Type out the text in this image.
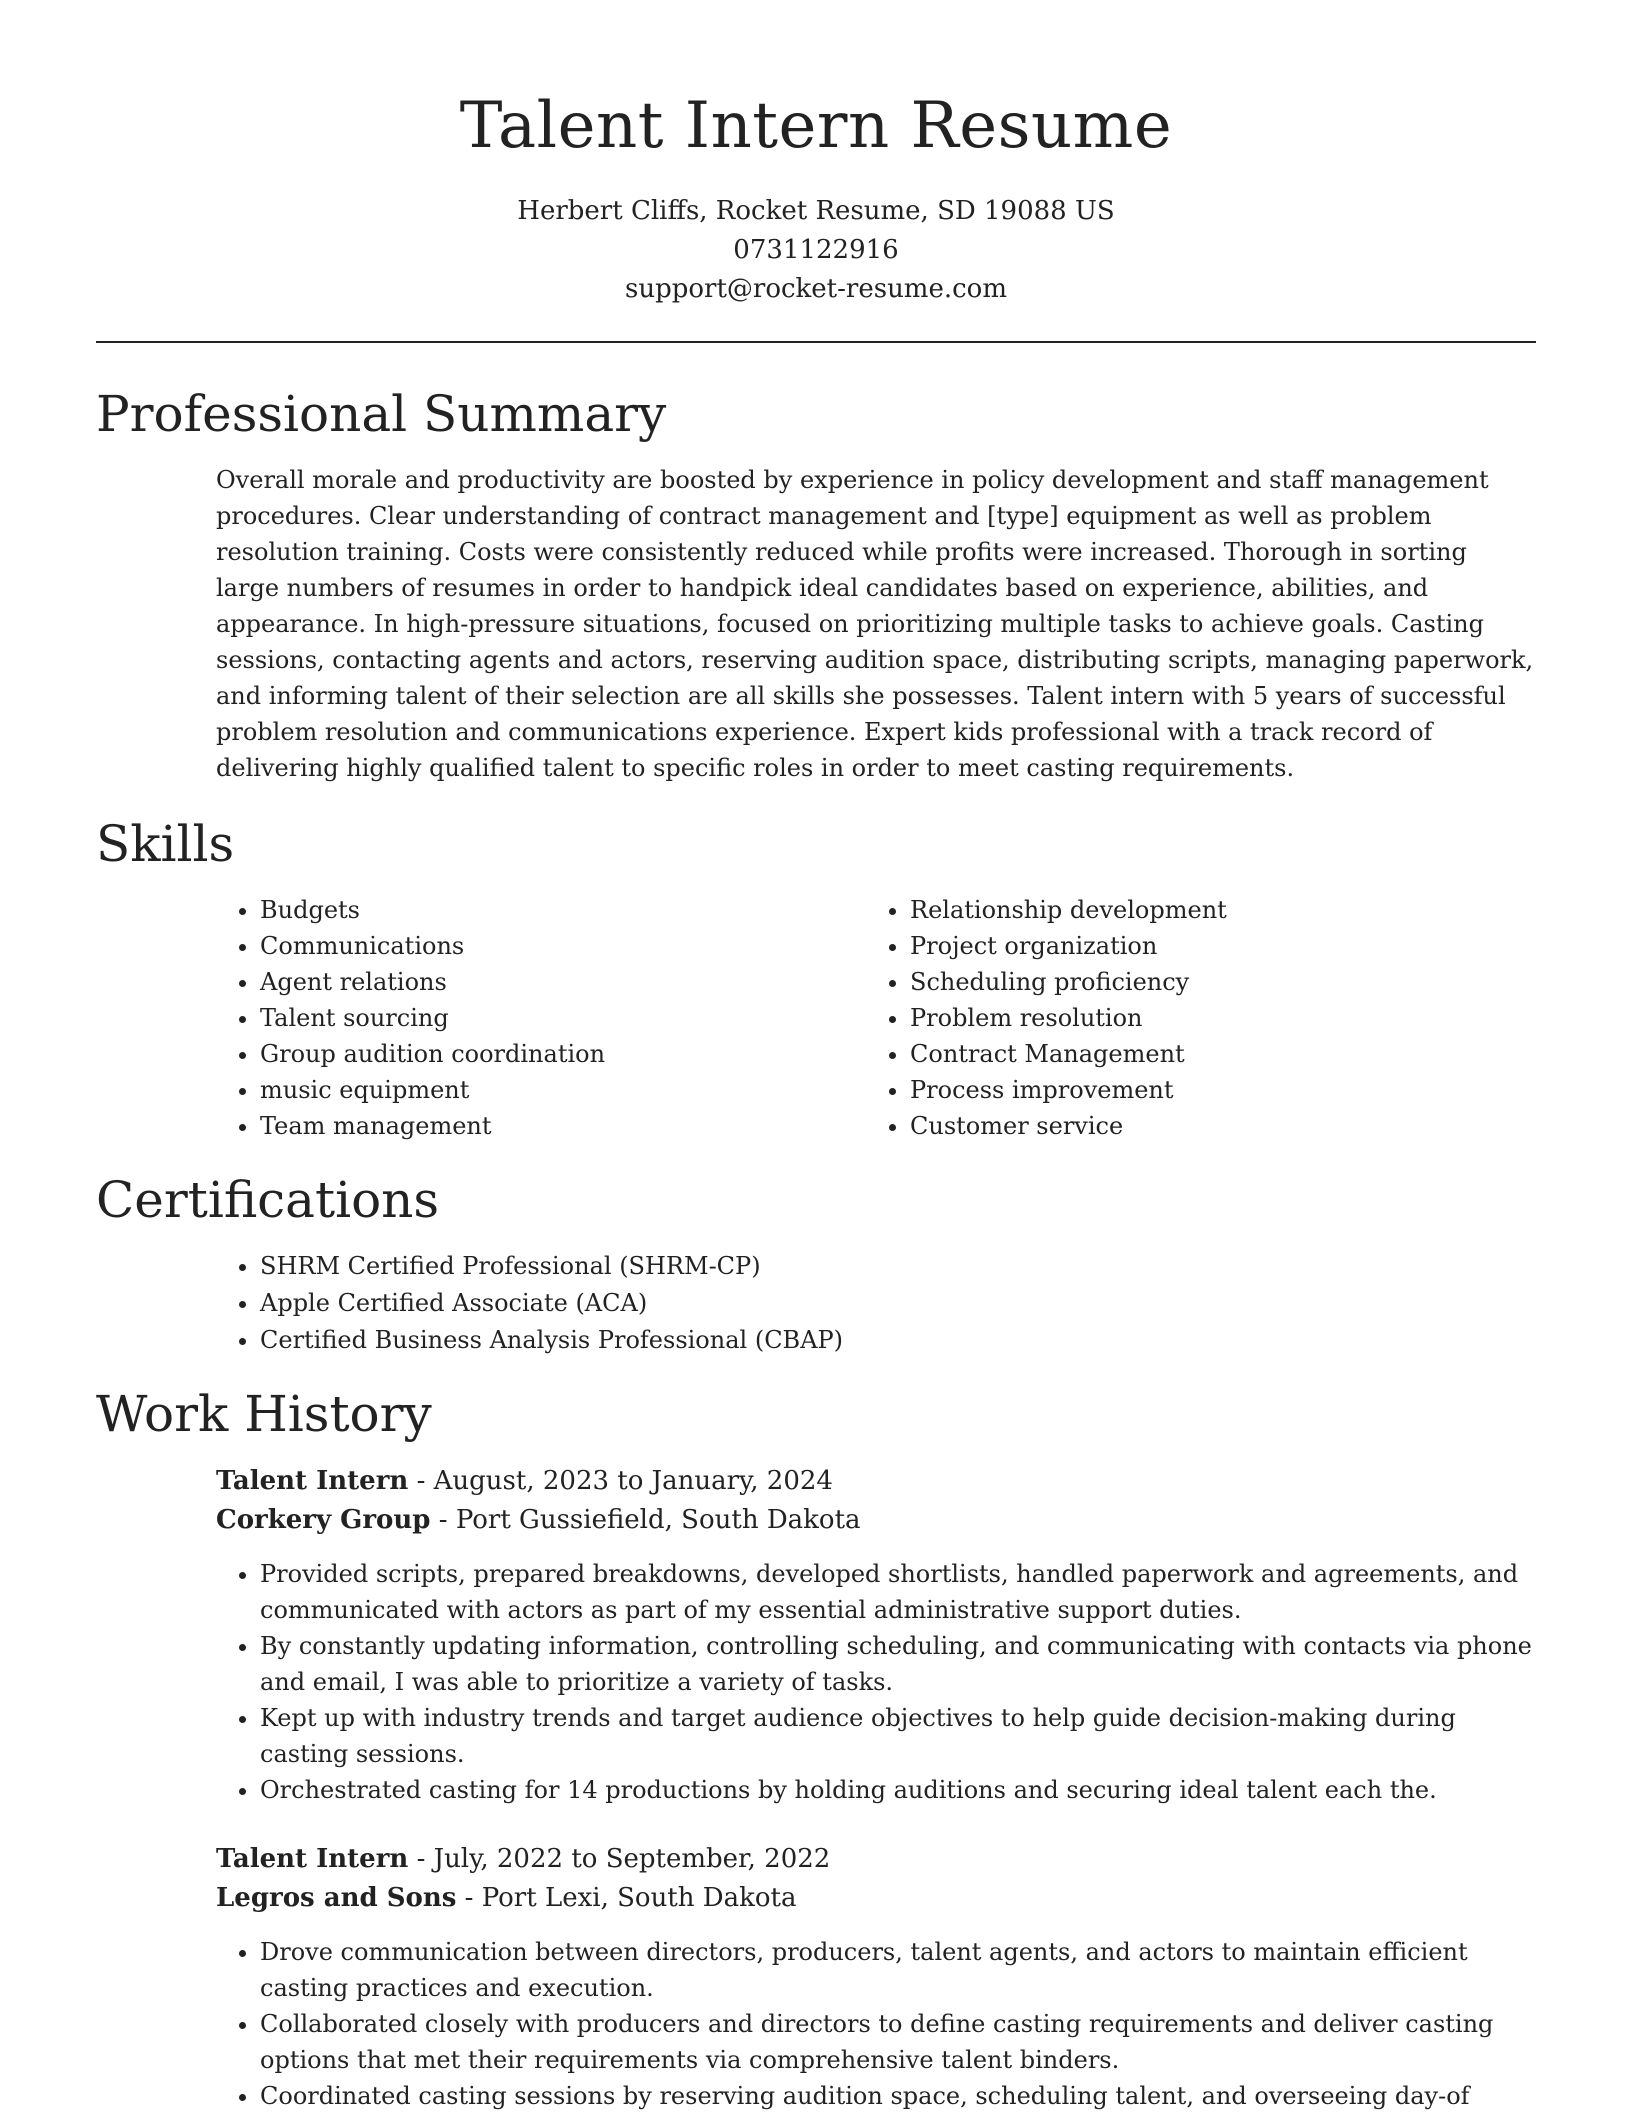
Talent Intern Resume
Herbert Cliffs, Rocket Resume, SD 19088 US
0731122916
support@rocket-resume.com
Professional Summary

Overall morale and productivity are boosted by experience in policy development and staff management procedures. Clear understanding of contract management and [type] equipment as well as problem resolution training. Costs were consistently reduced while profits were increased. Thorough in sorting large numbers of resumes in order to handpick ideal candidates based on experience, abilities, and appearance. In high-pressure situations, focused on prioritizing multiple tasks to achieve goals. Casting sessions, contacting agents and actors, reserving audition space, distributing scripts, managing paperwork, and informing talent of their selection are all skills she possesses. Talent intern with 5 years of successful problem resolution and communications experience. Expert kids professional with a track record of delivering highly qualified talent to specific roles in order to meet casting requirements.

Skills
• Budgets
• Communications
• Agent relations
• Talent sourcing
• Group audition coordination
• music equipment
• Team management
• Relationship development
• Project organization
• Scheduling proficiency
• Problem resolution
• Contract Management
• Process improvement
• Customer service
Certifications
• SHRM Certified Professional (SHRM-CP)
• Apple Certified Associate (ACA)
• Certified Business Analysis Professional (CBAP)
Work History
Talent Intern - August, 2023 to January, 2024
Corkery Group - Port Gussiefield, South Dakota
• Provided scripts, prepared breakdowns, developed shortlists, handled paperwork and agreements, and communicated with actors as part of my essential administrative support duties.
• By constantly updating information, controlling scheduling, and communicating with contacts via phone and email, I was able to prioritize a variety of tasks.
• Kept up with industry trends and target audience objectives to help guide decision-making during casting sessions.
• Orchestrated casting for 14 productions by holding auditions and securing ideal talent each the.
Talent Intern - July, 2022 to September, 2022
Legros and Sons - Port Lexi, South Dakota
• Drove communication between directors, producers, talent agents, and actors to maintain efficient casting practices and execution.
• Collaborated closely with producers and directors to define casting requirements and deliver casting options that met their requirements via comprehensive talent binders.
• Coordinated casting sessions by reserving audition space, scheduling talent, and overseeing day-of
